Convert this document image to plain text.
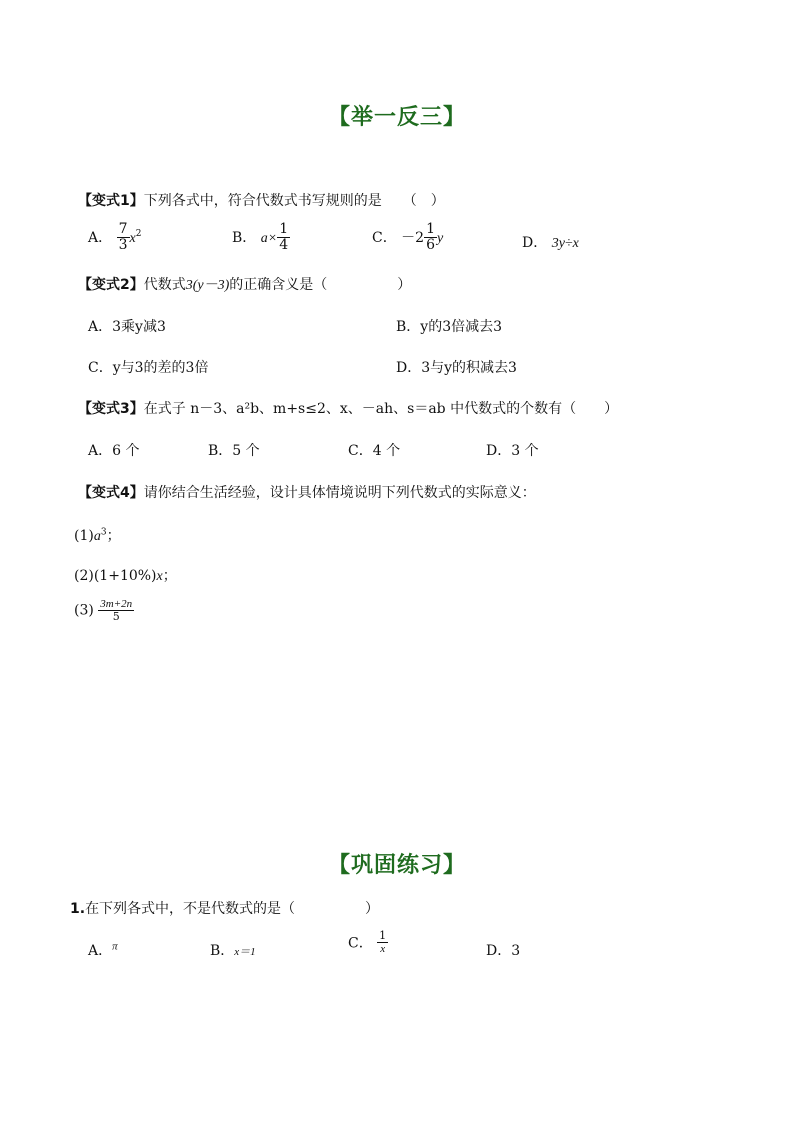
【举一反三】
【变式1】下列各式中，符合代数式书写规则的是　　（　）
A． $\frac{7}{3} x^2$	B． $a\times \frac{1}{4}$	C． $-2 \frac{1}{6}$ y	D． 3y÷x
【变式2】代数式3(y－3)的正确含义是（　　　　　）
A．3乘y减3	B．y的3倍减去3
C．y与3的差的3倍	D．3与y的积减去3
【变式3】在式子 n－3、a²b、m+s≤2、x、－ah、s＝ab 中代数式的个数有（　　）
A．6 个	B．5 个	C．4 个	D．3 个
【变式4】请你结合生活经验，设计具体情境说明下列代数式的实际意义：
$(1)a^3$；
(2)(1+10%)x；
$(3) \frac{3m+2n}{5}$
【巩固练习】
1.在下列各式中，不是代数式的是（　　　　　）
A．$^\pi$	B．x＝1
C． $\frac{1}{x}$	D．3
